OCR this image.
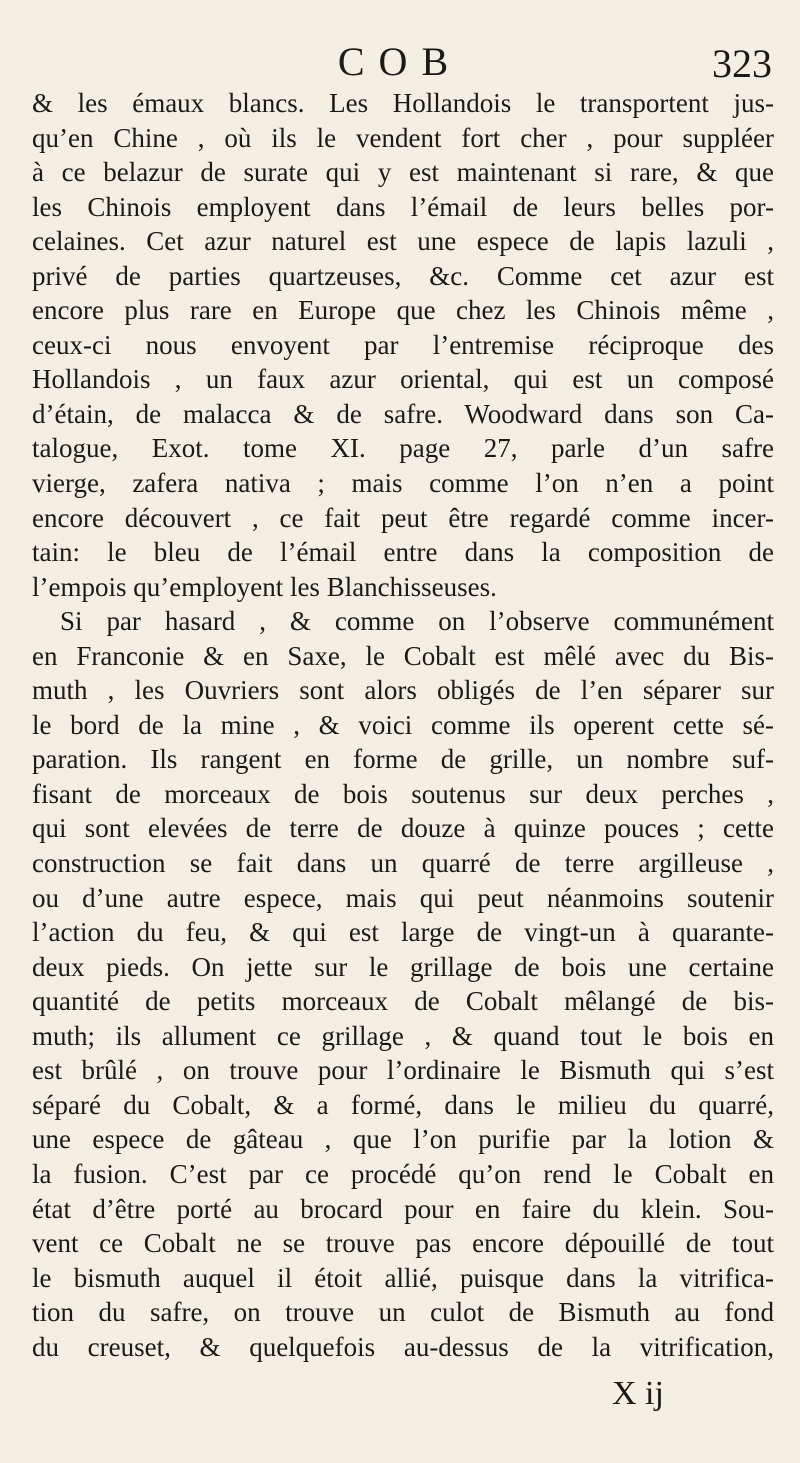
COB	323
& les émaux blancs. Les Hollandois le transportent jus-
qu’en Chine , où ils le vendent fort cher , pour suppléer
à ce belazur de surate qui y est maintenant si rare, & que
les Chinois employent dans l’émail de leurs belles por-
celaines. Cet azur naturel est une espece de lapis lazuli ,
privé de parties quartzeuses, &c. Comme cet azur est
encore plus rare en Europe que chez les Chinois même ,
ceux-ci nous envoyent par l’entremise réciproque des
Hollandois , un faux azur oriental, qui est un composé
d’étain, de malacca & de safre. Woodward dans son Ca-
talogue, Exot. tome XI. page 27, parle d’un safre
vierge, zafera nativa ; mais comme l’on n’en a point
encore découvert , ce fait peut être regardé comme incer-
tain: le bleu de l’émail entre dans la composition de
l’empois qu’employent les Blanchisseuses.
Si par hasard , & comme on l’observe communément
en Franconie & en Saxe, le Cobalt est mêlé avec du Bis-
muth , les Ouvriers sont alors obligés de l’en séparer sur
le bord de la mine , & voici comme ils operent cette sé-
paration. Ils rangent en forme de grille, un nombre suf-
fisant de morceaux de bois soutenus sur deux perches ,
qui sont elevées de terre de douze à quinze pouces ; cette
construction se fait dans un quarré de terre argilleuse ,
ou d’une autre espece, mais qui peut néanmoins soutenir
l’action du feu, & qui est large de vingt-un à quarante-
deux pieds. On jette sur le grillage de bois une certaine
quantité de petits morceaux de Cobalt mêlangé de bis-
muth; ils allument ce grillage , & quand tout le bois en
est brûlé , on trouve pour l’ordinaire le Bismuth qui s’est
séparé du Cobalt, & a formé, dans le milieu du quarré,
une espece de gâteau , que l’on purifie par la lotion &
la fusion. C’est par ce procédé qu’on rend le Cobalt en
état d’être porté au brocard pour en faire du klein. Sou-
vent ce Cobalt ne se trouve pas encore dépouillé de tout
le bismuth auquel il étoit allié, puisque dans la vitrifica-
tion du safre, on trouve un culot de Bismuth au fond
du creuset, & quelquefois au-dessus de la vitrification,
X ij
